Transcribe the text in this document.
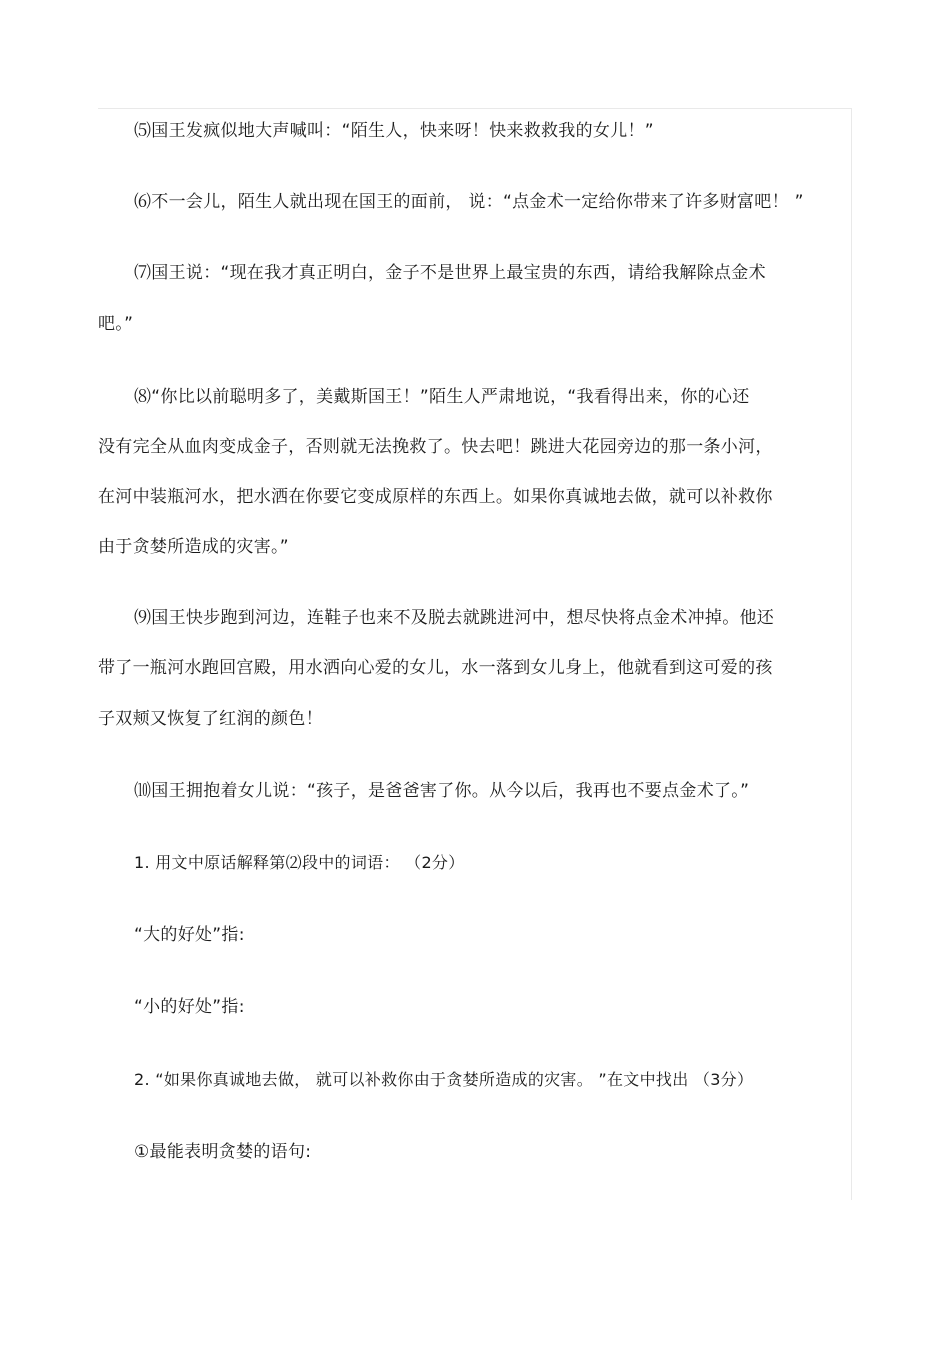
⑸国王发疯似地大声喊叫：“陌生人，快来呀！快来救救我的女儿！”
⑹不一会儿，陌生人就出现在国王的面前， 说：“点金术一定给你带来了许多财富吧！ ”
⑺国王说：“现在我才真正明白，金子不是世界上最宝贵的东西，请给我解除点金术
吧。”
⑻“你比以前聪明多了，美戴斯国王！”陌生人严肃地说，“我看得出来，你的心还
没有完全从血肉变成金子，否则就无法挽救了。快去吧！跳进大花园旁边的那一条小河，
在河中装瓶河水，把水洒在你要它变成原样的东西上。如果你真诚地去做，就可以补救你
由于贪婪所造成的灾害。”
⑼国王快步跑到河边，连鞋子也来不及脱去就跳进河中，想尽快将点金术冲掉。他还
带了一瓶河水跑回宫殿，用水洒向心爱的女儿，水一落到女儿身上，他就看到这可爱的孩
子双颊又恢复了红润的颜色！
⑽国王拥抱着女儿说：“孩子，是爸爸害了你。从今以后，我再也不要点金术了。”
1. 用文中原话解释第⑵段中的词语： （2分）
“大的好处”指:
“小的好处”指:
2. “如果你真诚地去做， 就可以补救你由于贪婪所造成的灾害。 ”在文中找出 （3分）
①最能表明贪婪的语句:
